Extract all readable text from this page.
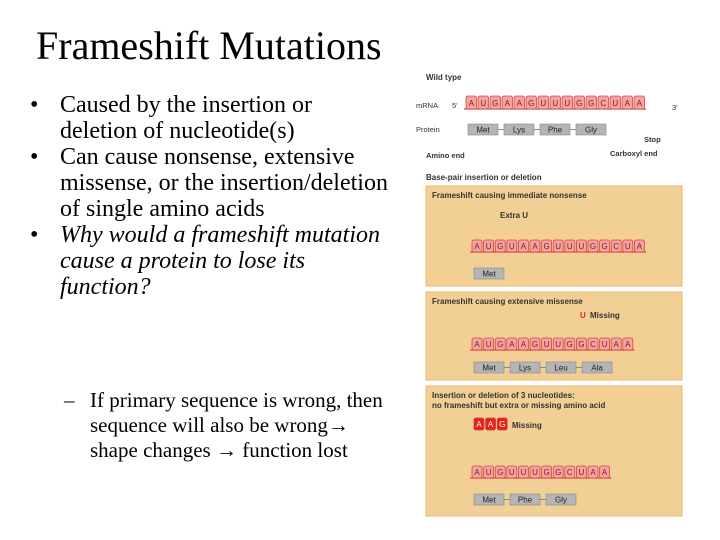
Frameshift Mutations
• Caused by the insertion or deletion of nucleotide(s)
• Can cause nonsense, extensive missense, or the insertion/deletion of single amino acids
• Why would a frameshift mutation cause a protein to lose its function?
– If primary sequence is wrong, then sequence will also be wrong→ shape changes → function lost
Wild type
mRNA 5′ A U G A A G U U U G G C U A A	3′
Protein	Met	Lys	Phe	Gly
Amino end	Carboxyl end
Stop
Base-pair insertion or deletion
Frameshift causing immediate nonsense
Extra U
A U G U A A G U U U G G C U A
Met
Frameshift causing extensive missense
U Missing
A U G A A G U U G G C U A A
Met	Lys	Leu	Ala
Insertion or deletion of 3 nucleotides:
no frameshift but extra or missing amino acid
A A G Missing
A U G U U U G G C U A A
Met	Phe	Gly
